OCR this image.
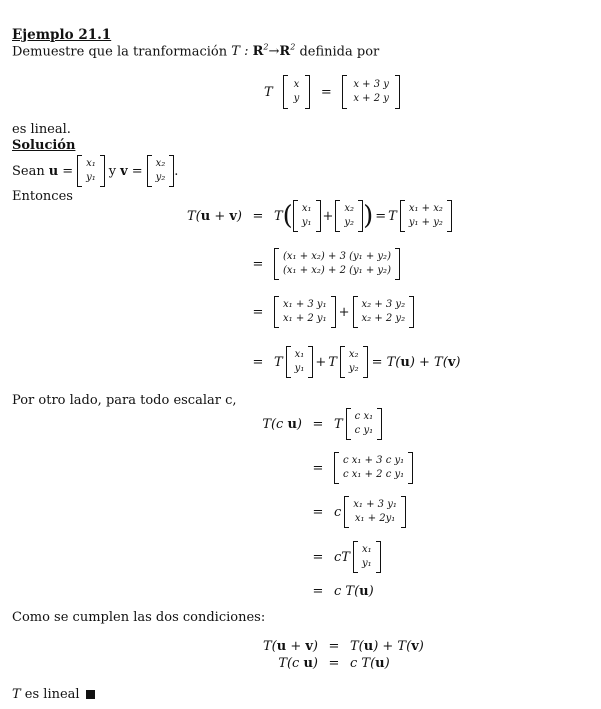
Ejemplo 21.1
Demuestre que la tranformación T : $R^2\to R^2$ definida por
T x
y	=	x + 3 y
x + 2 y
es lineal.
Solución
Sean u = x₁
y₁ y v = x₂
y₂ .
Entonces
T(u + v) = T ( x₁
y₁ + x₂
y₂ ) = T x₁ + x₂
y₁ + y₂
=	(x₁ + x₂) + 3 (y₁ + y₂)
(x₁ + x₂) + 2 (y₁ + y₂)
=	x₁ + 3 y₁
x₁ + 2 y₁ + x₂ + 3 y₂
x₂ + 2 y₂
= T x₁
y₁ + T x₂
y₂ = T(u) + T(v)
Por otro lado, para todo escalar c,
T(c u) = T c x₁
c y₁
=	c x₁ + 3 c y₁
c x₁ + 2 c y₁
= c x₁ + 3 y₁
x₁ + 2y₁
= cT x₁
y₁
= c T(u)
Como se cumplen las dos condiciones:
T(u + v) = T(u) + T(v)
T(c u) = c T(u)
T es lineal
